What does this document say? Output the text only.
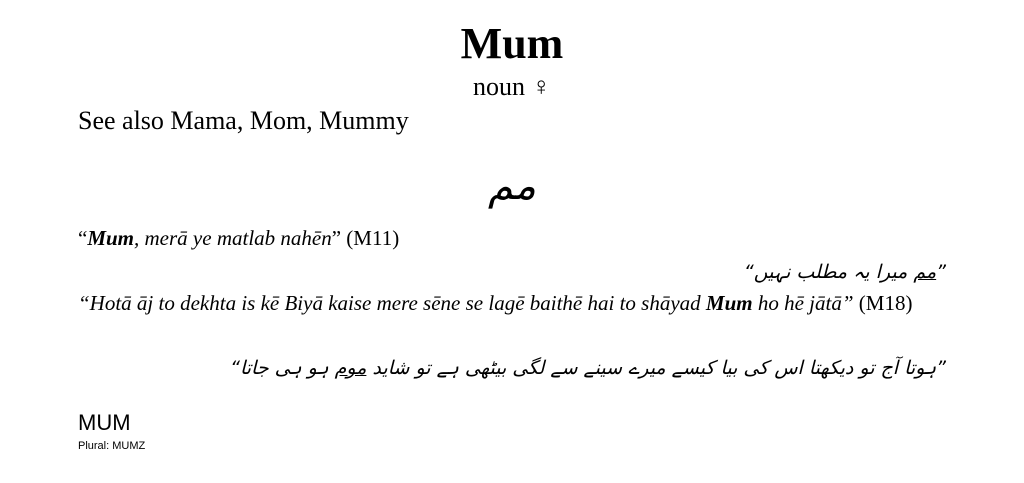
Mum
noun ♀
See also Mama, Mom, Mummy
مم
“Mum, merā ye matlab nahēn” (M11)
”مم میرا یہ مطلب نہیں“
“Hotā āj to dekhta is kē Biyā kaise mere sēne se lagē baithē hai to shāyad Mum ho hē jātā” (M18)
”ہوتا آج تو دیکھتا اس کی بیا کیسے میرے سینے سے لگی بیٹھی ہے تو شاید موم ہو ہی جاتا“
MUM
Plural: MUMZ
